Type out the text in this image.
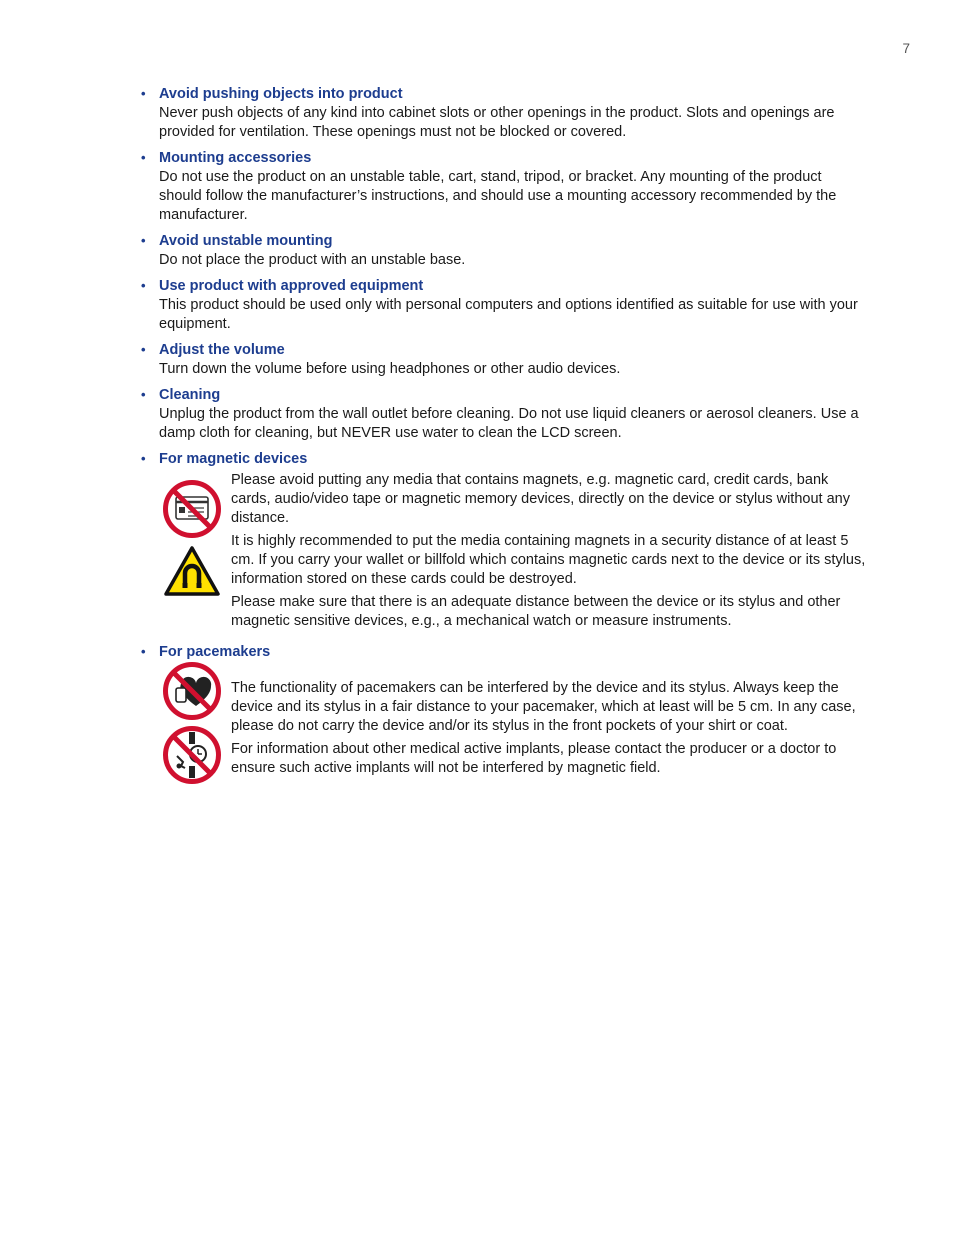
7
• Avoid pushing objects into product

Never push objects of any kind into cabinet slots or other openings in the product. Slots and openings are provided for ventilation. These openings must not be blocked or covered.

• Mounting accessories

Do not use the product on an unstable table, cart, stand, tripod, or bracket. Any mounting of the product should follow the manufacturer’s instructions, and should use a mounting accessory recommended by the manufacturer.

• Avoid unstable mounting

Do not place the product with an unstable base.

• Use product with approved equipment

This product should be used only with personal computers and options identified as suitable for use with your equipment.

• Adjust the volume

Turn down the volume before using headphones or other audio devices.

• Cleaning

Unplug the product from the wall outlet before cleaning. Do not use liquid cleaners or aerosol cleaners. Use a damp cloth for cleaning, but NEVER use water to clean the LCD screen.

• For magnetic devices

Please avoid putting any media that contains magnets, e.g. magnetic card, credit cards, bank cards, audio/video tape or magnetic memory devices, directly on the device or stylus without any distance.

It is highly recommended to put the media containing magnets in a security distance of at least 5 cm. If you carry your wallet or billfold which contains magnetic cards next to the device or its stylus, information stored on these cards could be destroyed.

Please make sure that there is an adequate distance between the device or its stylus and other magnetic sensitive devices, e.g., a mechanical watch or measure instruments.

• For pacemakers

The functionality of pacemakers can be interfered by the device and its stylus. Always keep the device and its stylus in a fair distance to your pacemaker, which at least will be 5 cm. In any case, please do not carry the device and/or its stylus in the front pockets of your shirt or coat.

For information about other medical active implants, please contact the producer or a doctor to ensure such active implants will not be interfered by magnetic field.
